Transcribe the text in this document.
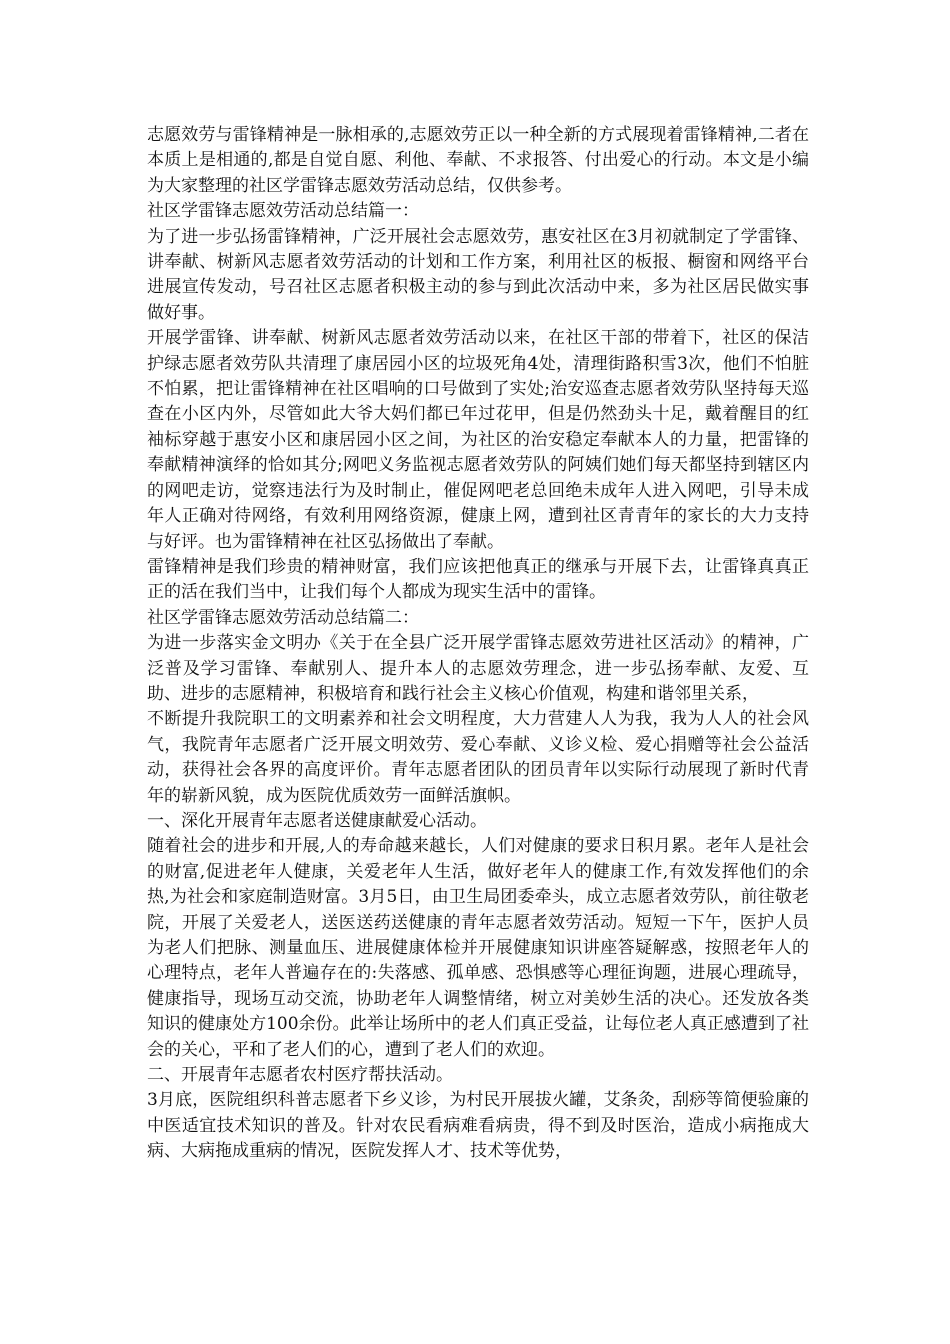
志愿效劳与雷锋精神是一脉相承的,志愿效劳正以一种全新的方式展现着雷锋精神,二者在本质上是相通的,都是自觉自愿、利他、奉献、不求报答、付出爱心的行动。本文是小编为大家整理的社区学雷锋志愿效劳活动总结，仅供参考。

社区学雷锋志愿效劳活动总结篇一：

为了进一步弘扬雷锋精神，广泛开展社会志愿效劳，惠安社区在3月初就制定了学雷锋、讲奉献、树新风志愿者效劳活动的计划和工作方案，利用社区的板报、橱窗和网络平台进展宣传发动，号召社区志愿者积极主动的参与到此次活动中来，多为社区居民做实事做好事。

开展学雷锋、讲奉献、树新风志愿者效劳活动以来，在社区干部的带着下，社区的保洁护绿志愿者效劳队共清理了康居园小区的垃圾死角4处，清理街路积雪3次，他们不怕脏不怕累，把让雷锋精神在社区唱响的口号做到了实处;治安巡查志愿者效劳队坚持每天巡查在小区内外，尽管如此大爷大妈们都已年过花甲，但是仍然劲头十足，戴着醒目的红袖标穿越于惠安小区和康居园小区之间，为社区的治安稳定奉献本人的力量，把雷锋的奉献精神演绎的恰如其分;网吧义务监视志愿者效劳队的阿姨们她们每天都坚持到辖区内的网吧走访，觉察违法行为及时制止，催促网吧老总回绝未成年人进入网吧，引导未成年人正确对待网络，有效利用网络资源，健康上网，遭到社区青青年的家长的大力支持与好评。也为雷锋精神在社区弘扬做出了奉献。

雷锋精神是我们珍贵的精神财富，我们应该把他真正的继承与开展下去，让雷锋真真正正的活在我们当中，让我们每个人都成为现实生活中的雷锋。

社区学雷锋志愿效劳活动总结篇二：

为进一步落实金文明办《关于在全县广泛开展学雷锋志愿效劳进社区活动》的精神，广泛普及学习雷锋、奉献别人、提升本人的志愿效劳理念，进一步弘扬奉献、友爱、互助、进步的志愿精神，积极培育和践行社会主义核心价值观，构建和谐邻里关系，

不断提升我院职工的文明素养和社会文明程度，大力营建人人为我，我为人人的社会风气，我院青年志愿者广泛开展文明效劳、爱心奉献、义诊义检、爱心捐赠等社会公益活动，获得社会各界的高度评价。青年志愿者团队的团员青年以实际行动展现了新时代青年的崭新风貌，成为医院优质效劳一面鲜活旗帜。

一、深化开展青年志愿者送健康献爱心活动。

随着社会的进步和开展,人的寿命越来越长，人们对健康的要求日积月累。老年人是社会的财富,促进老年人健康，关爱老年人生活，做好老年人的健康工作,有效发挥他们的余热,为社会和家庭制造财富。3月5日，由卫生局团委牵头，成立志愿者效劳队，前往敬老院，开展了关爱老人，送医送药送健康的青年志愿者效劳活动。短短一下午，医护人员为老人们把脉、测量血压、进展健康体检并开展健康知识讲座答疑解惑，按照老年人的心理特点，老年人普遍存在的:失落感、孤单感、恐惧感等心理征询题，进展心理疏导，健康指导，现场互动交流，协助老年人调整情绪，树立对美妙生活的决心。还发放各类知识的健康处方100余份。此举让场所中的老人们真正受益，让每位老人真正感遭到了社会的关心，平和了老人们的心，遭到了老人们的欢迎。

二、开展青年志愿者农村医疗帮扶活动。

3月底，医院组织科普志愿者下乡义诊，为村民开展拔火罐，艾条灸，刮痧等简便验廉的中医适宜技术知识的普及。针对农民看病难看病贵，得不到及时医治，造成小病拖成大病、大病拖成重病的情况，医院发挥人才、技术等优势，
